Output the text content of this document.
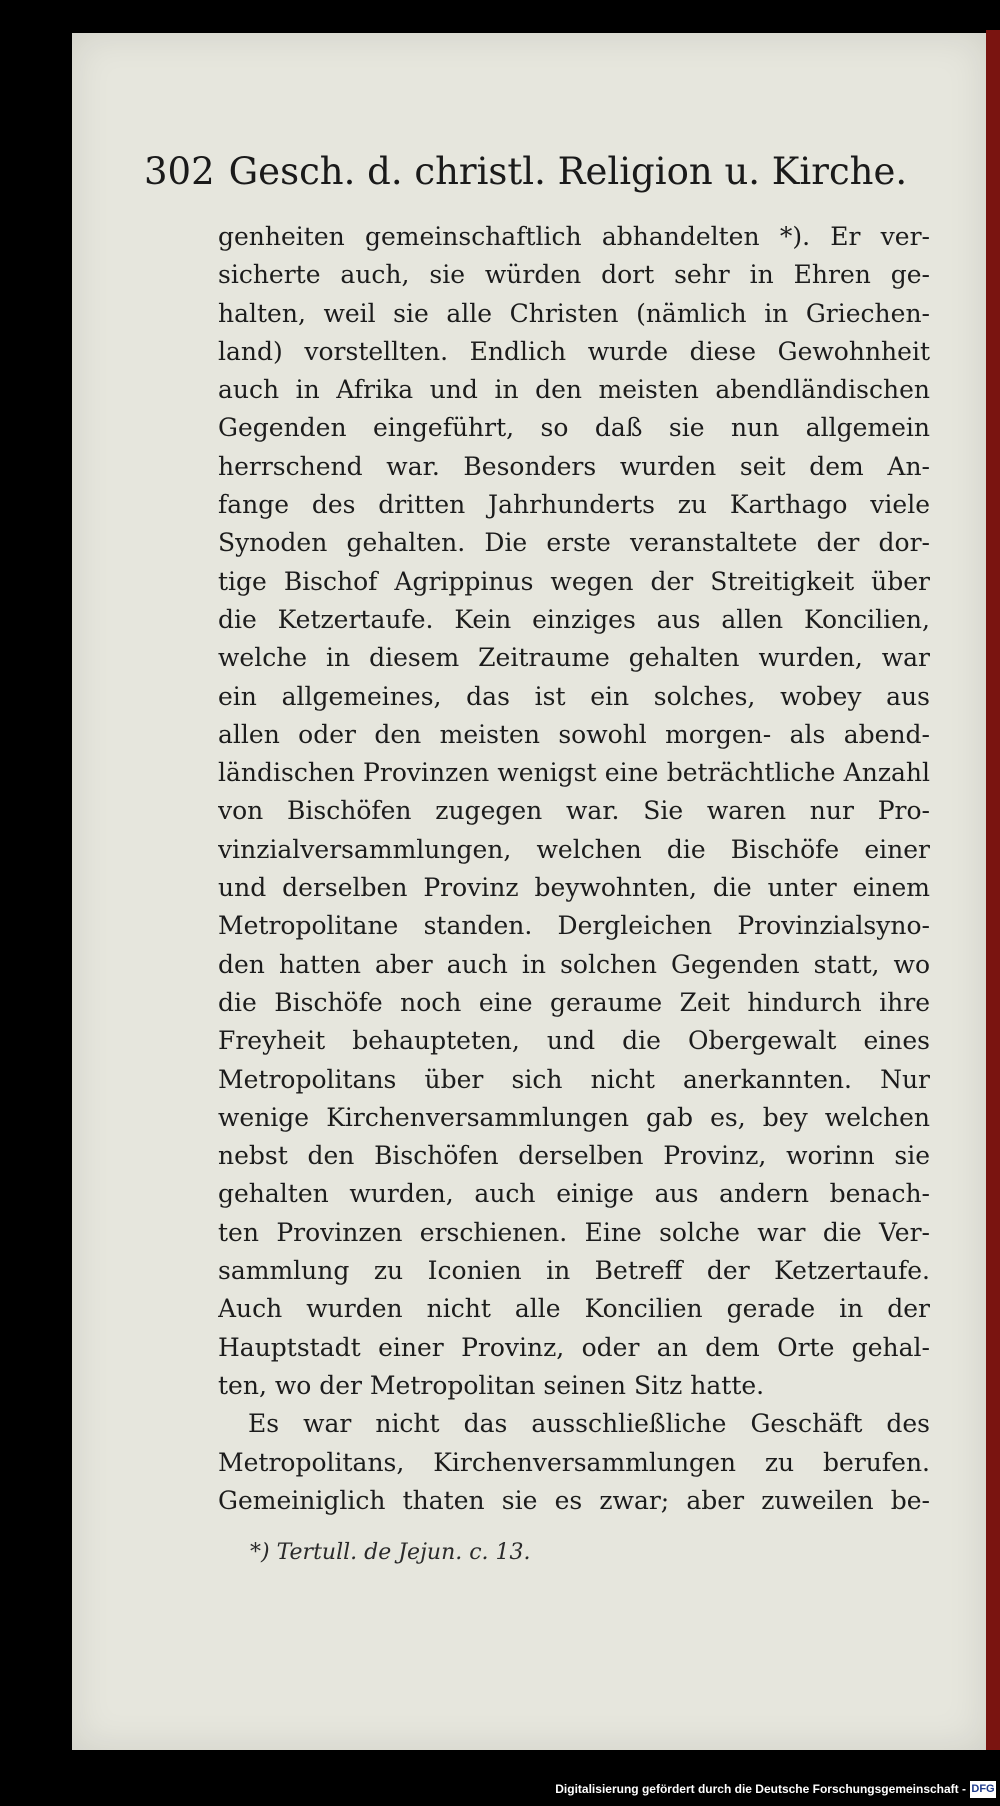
302 Gesch. d. christl. Religion u. Kirche.
genheiten gemeinschaftlich abhandelten *). Er ver-
sicherte auch, sie würden dort sehr in Ehren ge-
halten, weil sie alle Christen (nämlich in Griechen-
land) vorstellten. Endlich wurde diese Gewohnheit
auch in Afrika und in den meisten abendländischen
Gegenden eingeführt, so daß sie nun allgemein
herrschend war. Besonders wurden seit dem An-
fange des dritten Jahrhunderts zu Karthago viele
Synoden gehalten. Die erste veranstaltete der dor-
tige Bischof Agrippinus wegen der Streitigkeit über
die Ketzertaufe. Kein einziges aus allen Koncilien,
welche in diesem Zeitraume gehalten wurden, war
ein allgemeines, das ist ein solches, wobey aus
allen oder den meisten sowohl morgen- als abend-
ländischen Provinzen wenigst eine beträchtliche Anzahl
von Bischöfen zugegen war. Sie waren nur Pro-
vinzialversammlungen, welchen die Bischöfe einer
und derselben Provinz beywohnten, die unter einem
Metropolitane standen. Dergleichen Provinzialsyno-
den hatten aber auch in solchen Gegenden statt, wo
die Bischöfe noch eine geraume Zeit hindurch ihre
Freyheit behaupteten, und die Obergewalt eines
Metropolitans über sich nicht anerkannten. Nur
wenige Kirchenversammlungen gab es, bey welchen
nebst den Bischöfen derselben Provinz, worinn sie
gehalten wurden, auch einige aus andern benach-
ten Provinzen erschienen. Eine solche war die Ver-
sammlung zu Iconien in Betreff der Ketzertaufe.
Auch wurden nicht alle Koncilien gerade in der
Hauptstadt einer Provinz, oder an dem Orte gehal-
ten, wo der Metropolitan seinen Sitz hatte.
Es war nicht das ausschließliche Geschäft des
Metropolitans, Kirchenversammlungen zu berufen.
Gemeiniglich thaten sie es zwar; aber zuweilen be-
*) Tertull. de Jejun. c. 13.
Digitalisierung gefördert durch die Deutsche Forschungsgemeinschaft - DFG
